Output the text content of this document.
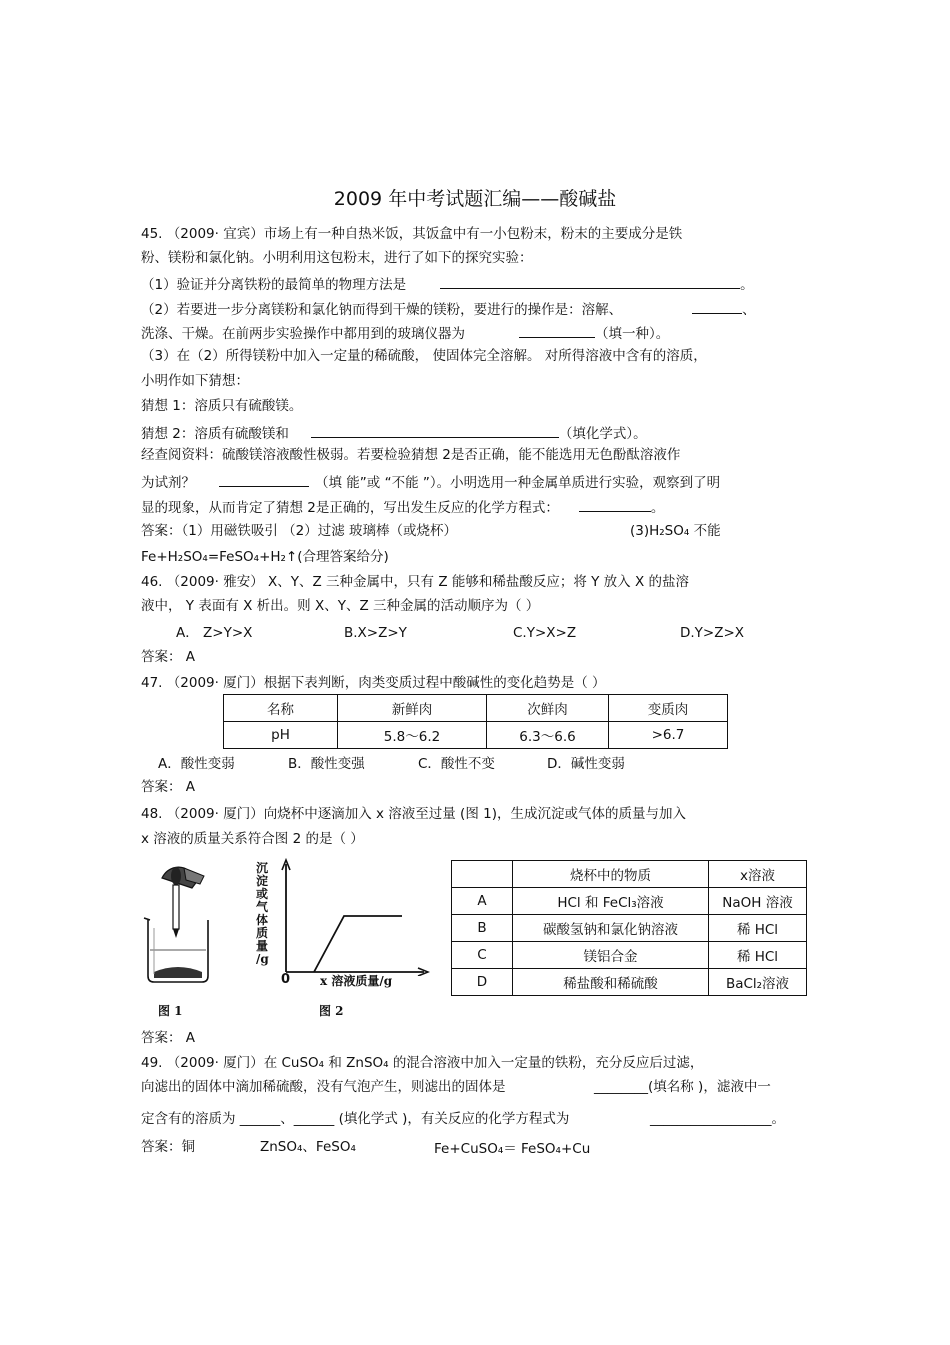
2009 年中考试题汇编——酸碱盐
45. （2009· 宜宾）市场上有一种自热米饭，其饭盒中有一小包粉末，粉末的主要成分是铁
粉、镁粉和氯化钠。小明利用这包粉末，进行了如下的探究实验：
（1）验证并分离铁粉的最简单的物理方法是	。
（2）若要进一步分离镁粉和氯化钠而得到干燥的镁粉，要进行的操作是：溶解、	、
洗涤、干燥。在前两步实验操作中都用到的玻璃仪器为	（填一种）。
（3）在（2）所得镁粉中加入一定量的稀硫酸， 使固体完全溶解。 对所得溶液中含有的溶质，
小明作如下猜想：
猜想 1：溶质只有硫酸镁。
猜想 2：溶质有硫酸镁和	（填化学式）。
经查阅资料：硫酸镁溶液酸性极弱。若要检验猜想 2是否正确，能不能选用无色酚酞溶液作
为试剂？	（填 能”或 “不能 ”）。小明选用一种金属单质进行实验，观察到了明
显的现象，从而肯定了猜想 2是正确的，写出发生反应的化学方程式：	。
答案：（1）用磁铁吸引 （2）过滤 玻璃棒（或烧杯）	(3)H₂SO₄ 不能
Fe+H₂SO₄=FeSO₄+H₂↑(合理答案给分)
46. （2009· 雅安） X、Y、Z 三种金属中，只有 Z 能够和稀盐酸反应；将 Y 放入 X 的盐溶
液中， Y 表面有 X 析出。则 X、Y、Z 三种金属的活动顺序为（ ）
A． Z>Y>X	B.X>Z>Y	C.Y>X>Z	D.Y>Z>X
答案： A
47. （2009· 厦门）根据下表判断，肉类变质过程中酸碱性的变化趋势是（ ）
名称	新鲜肉	次鲜肉	变质肉
pH	5.8～6.2	6.3～6.6	>6.7
A．酸性变弱	B．酸性变强	C．酸性不变	D．碱性变弱
答案： A
48. （2009· 厦门）向烧杯中逐滴加入 x 溶液至过量 (图 1)，生成沉淀或气体的质量与加入
x 溶液的质量关系符合图 2 的是（ ）
图 1
沉
淀
或
气
体
质
量
/g
0 x 溶液质量/g
图 2
	烧杯中的物质	x溶液
A	HCl 和 FeCl₃溶液	NaOH 溶液
B	碳酸氢钠和氯化钠溶液	稀 HCl
C	镁铝合金	稀 HCl
D	稀盐酸和稀硫酸	BaCl₂溶液
答案： A
49. （2009· 厦门）在 CuSO₄ 和 ZnSO₄ 的混合溶液中加入一定量的铁粉，充分反应后过滤，
向滤出的固体中滴加稀硫酸，没有气泡产生，则滤出的固体是	________(填名称 )，滤液中一
定含有的溶质为 ______、______ (填化学式 )，有关反应的化学方程式为	__________________。
答案：铜	ZnSO₄、FeSO₄	Fe+CuSO₄＝ FeSO₄+Cu
